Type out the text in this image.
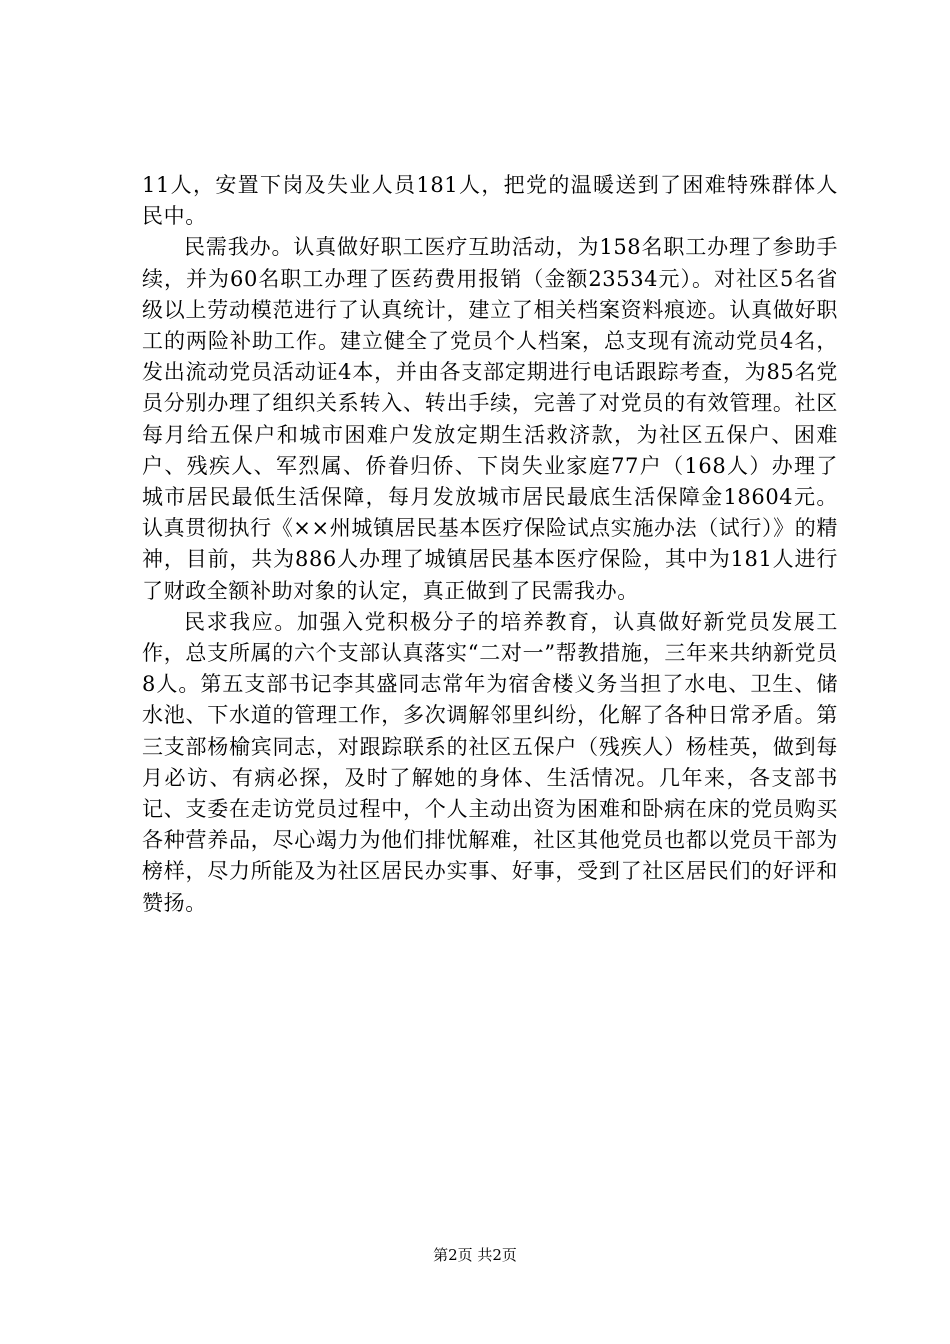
11人，安置下岗及失业人员181人，把党的温暖送到了困难特殊群体人民中。

民需我办。认真做好职工医疗互助活动，为158名职工办理了参助手续，并为60名职工办理了医药费用报销（金额23534元）。对社区5名省级以上劳动模范进行了认真统计，建立了相关档案资料痕迹。认真做好职工的两险补助工作。建立健全了党员个人档案，总支现有流动党员4名，发出流动党员活动证4本，并由各支部定期进行电话跟踪考查，为85名党员分别办理了组织关系转入、转出手续，完善了对党员的有效管理。社区每月给五保户和城市困难户发放定期生活救济款，为社区五保户、困难户、残疾人、军烈属、侨眷归侨、下岗失业家庭77户（168人）办理了城市居民最低生活保障，每月发放城市居民最底生活保障金18604元。认真贯彻执行《××州城镇居民基本医疗保险试点实施办法（试行）》的精神，目前，共为886人办理了城镇居民基本医疗保险，其中为181人进行了财政全额补助对象的认定，真正做到了民需我办。

民求我应。加强入党积极分子的培养教育，认真做好新党员发展工作，总支所属的六个支部认真落实“二对一”帮教措施，三年来共纳新党员8人。第五支部书记李其盛同志常年为宿舍楼义务当担了水电、卫生、储水池、下水道的管理工作，多次调解邻里纠纷，化解了各种日常矛盾。第三支部杨榆宾同志，对跟踪联系的社区五保户（残疾人）杨桂英，做到每月必访、有病必探，及时了解她的身体、生活情况。几年来，各支部书记、支委在走访党员过程中，个人主动出资为困难和卧病在床的党员购买各种营养品，尽心竭力为他们排忧解难，社区其他党员也都以党员干部为榜样，尽力所能及为社区居民办实事、好事，受到了社区居民们的好评和赞扬。

第2页 共2页
